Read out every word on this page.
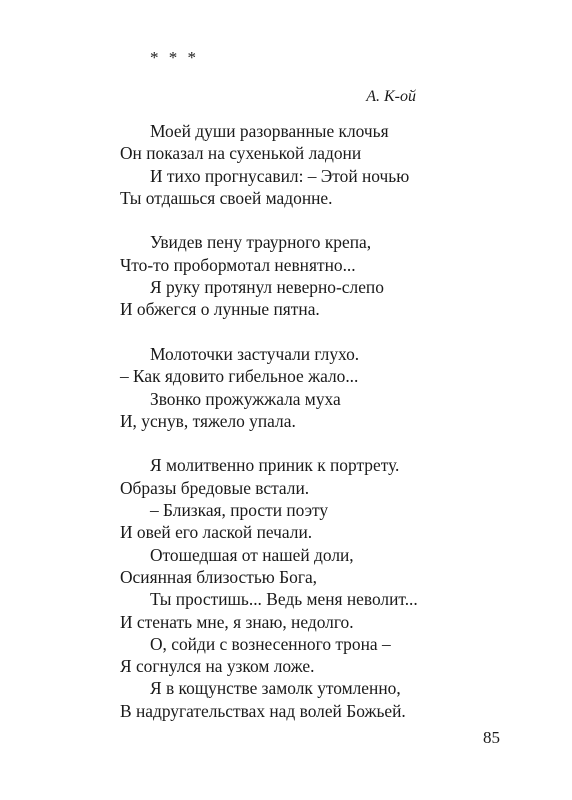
* * *
А. К-ой
Моей души разорванные клочья
Он показал на сухенькой ладони
И тихо прогнусавил: – Этой ночью
Ты отдашься своей мадонне.
Увидев пену траурного крепа,
Что-то пробормотал невнятно...
Я руку протянул неверно-слепо
И обжегся о лунные пятна.
Молоточки застучали глухо.
– Как ядовито гибельное жало...
Звонко прожужжала муха
И, уснув, тяжело упала.
Я молитвенно приник к портрету.
Образы бредовые встали.
– Близкая, прости поэту
И овей его лаской печали.
Отошедшая от нашей доли,
Осиянная близостью Бога,
Ты простишь... Ведь меня неволит...
И стенать мне, я знаю, недолго.
О, сойди с вознесенного трона –
Я согнулся на узком ложе.
Я в кощунстве замолк утомленно,
В надругательствах над волей Божьей.
85
